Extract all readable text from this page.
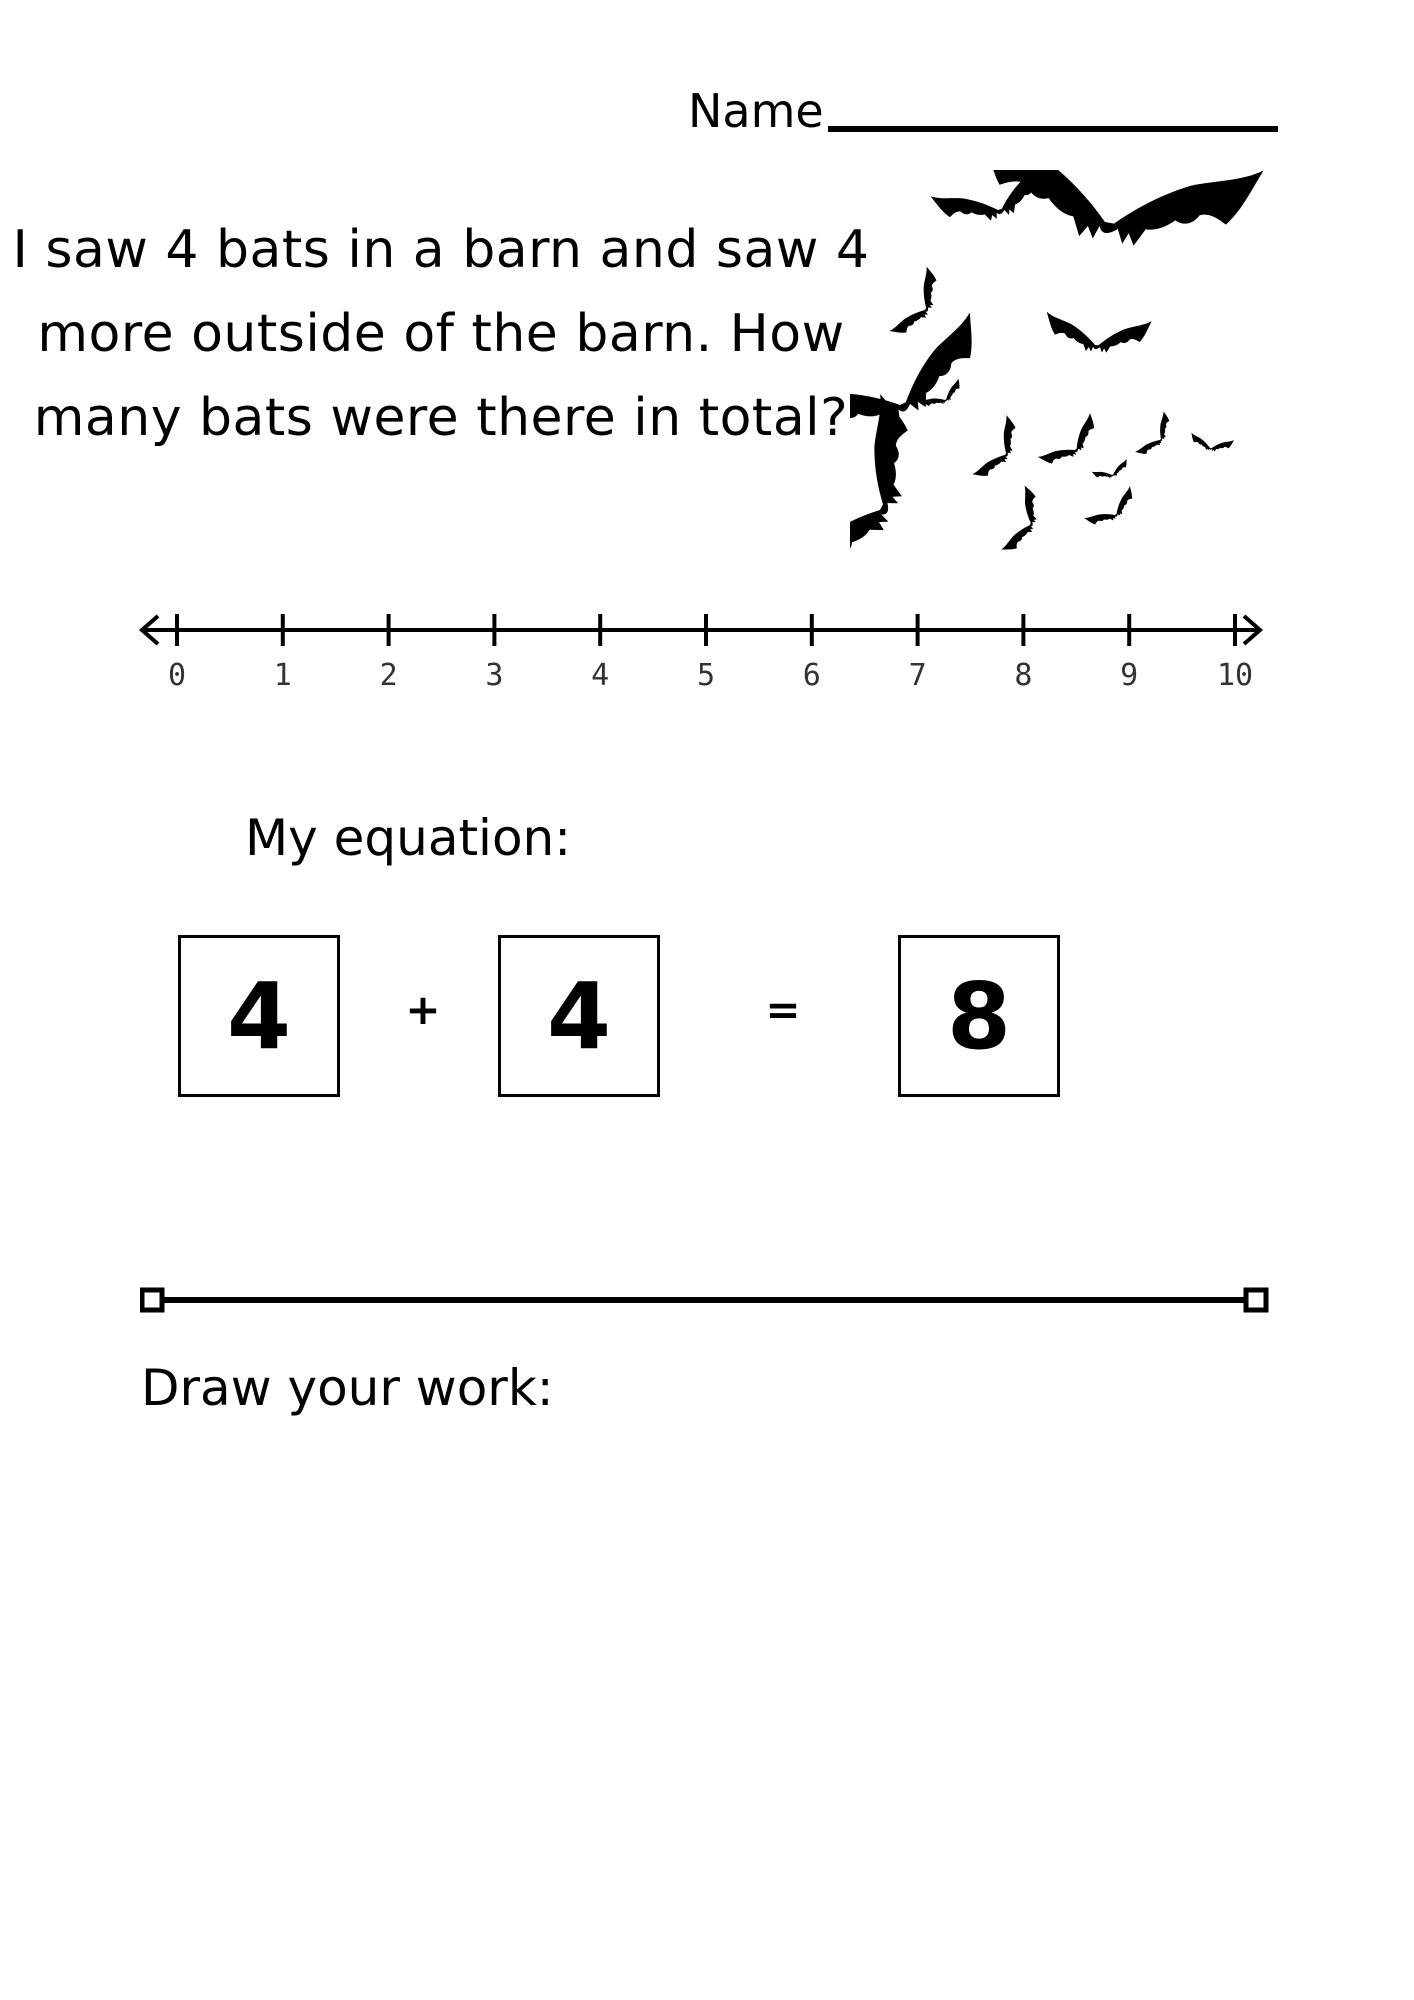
Name
I saw 4 bats in a barn and saw 4
more outside of the barn. How
many bats were there in total?
0	1	2	3	4	5	6	7	8	9	10
My equation:
4	+ 4	= 8
Draw your work:
